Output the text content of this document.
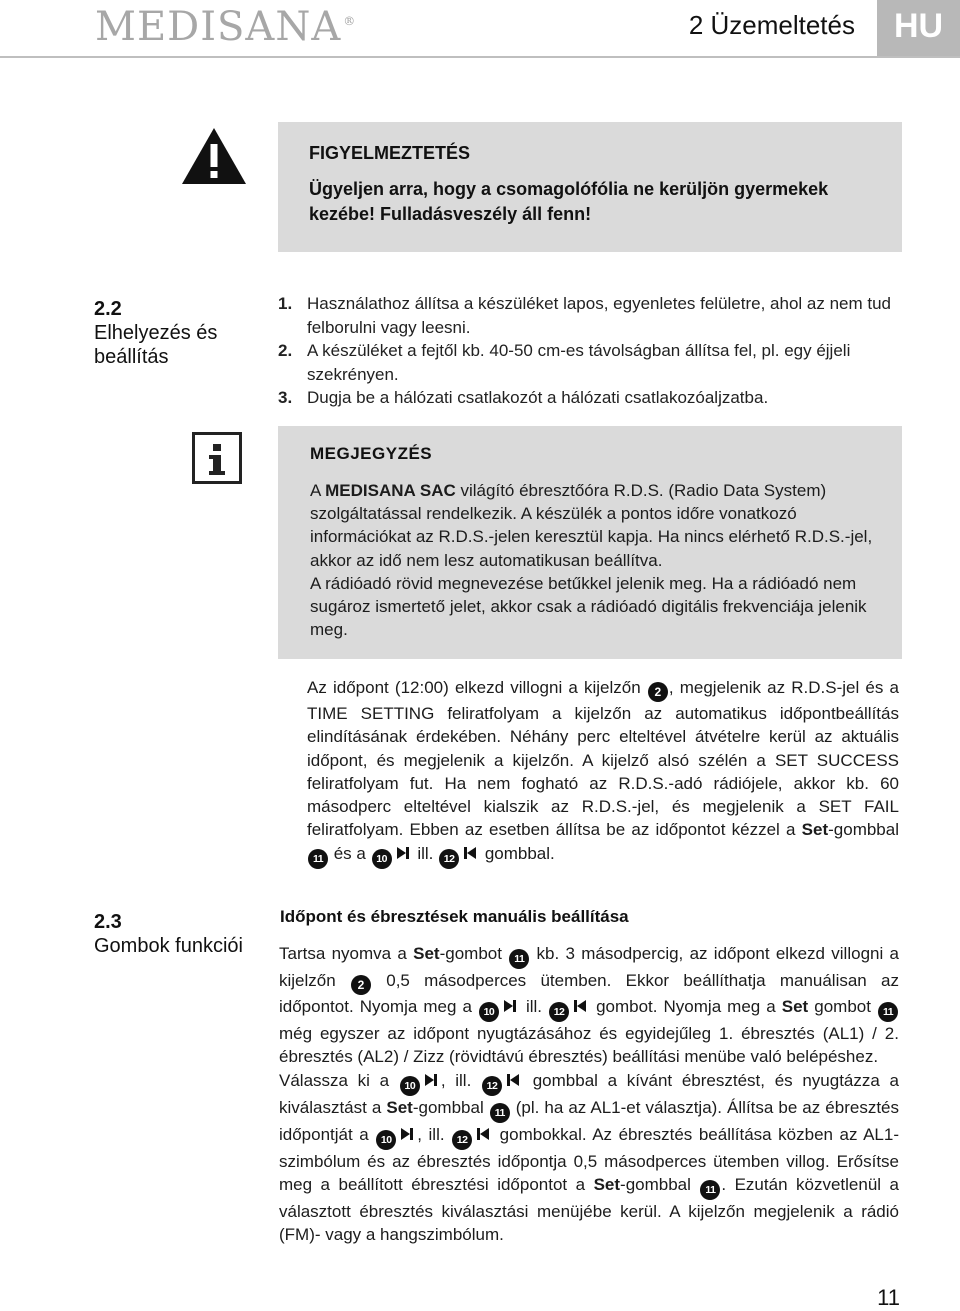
MEDISANA ®	2 Üzemeltetés	HU
FIGYELMEZTETÉS
Ügyeljen arra, hogy a csomagolófólia ne kerüljön gyermekek kezébe! Fulladásveszély áll fenn!
2.2
Elhelyezés és
beállítás
1. Használathoz állítsa a készüléket lapos, egyenletes felületre, ahol az nem tud felborulni vagy leesni.
2. A készüléket a fejtől kb. 40-50 cm-es távolságban állítsa fel, pl. egy éjjeli szekrényen.
3. Dugja be a hálózati csatlakozót a hálózati csatlakozóaljzatba.
MEGJEGYZÉS
A MEDISANA SAC világító ébresztőóra R.D.S. (Radio Data System) szolgáltatással rendelkezik. A készülék a pontos időre vonatkozó információkat az R.D.S.-jelen keresztül kapja. Ha nincs elérhető R.D.S.-jel, akkor az idő nem lesz automatikusan beállítva.
A rádióadó rövid megnevezése betűkkel jelenik meg. Ha a rádióadó nem sugároz ismertető jelet, akkor csak a rádióadó digitális frekvenciája jelenik meg.
Az időpont (12:00) elkezd villogni a kijelzőn 2 , megjelenik az R.D.S-jel és a TIME SETTING feliratfolyam a kijelzőn az automatikus időpontbeállítás elindításának érdekében. Néhány perc elteltével átvételre kerül az aktuális időpont, és megjelenik a kijelzőn. A kijelző alsó szélén a SET SUCCESS feliratfolyam fut. Ha nem fogható az R.D.S.-adó rádiójele, akkor kb. 60 másodperc elteltével kialszik az R.D.S.-jel, és megjelenik a SET FAIL feliratfolyam. Ebben az esetben állítsa be az időpontot kézzel a Set-gombbal 11 és a 10 ill. 12 gombbal.
2.3
Gombok funkciói
Időpont és ébresztések manuális beállítása
Tartsa nyomva a Set-gombot 11 kb. 3 másodpercig, az időpont elkezd villogni a kijelzőn 2 0,5 másodperces ütemben. Ekkor beállíthatja manuálisan az időpontot. Nyomja meg a 10 ill. 12 gombot. Nyomja meg a Set gombot 11 még egyszer az időpont nyugtázásához és egyidejűleg 1. ébresztés (AL1) / 2. ébresztés (AL2) / Zizz (rövidtávú ébresztés) beállítási menübe való belépéshez.
Válassza ki a 10 , ill. 12 gombbal a kívánt ébresztést, és nyugtázza a kiválasztást a Set-gombbal 11 (pl. ha az AL1-et választja). Állítsa be az ébresztés időpontját a 10 , ill. 12 gombokkal. Az ébresztés beállítása közben az AL1-szimbólum és az ébresztés időpontja 0,5 másodperces ütemben villog. Erősítse meg a beállított ébresztési időpontot a Set-gombbal 11 . Ezután közvetlenül a választott ébresztés kiválasztási menüjébe kerül. A kijelzőn megjelenik a rádió (FM)- vagy a hangszimbólum.
11
